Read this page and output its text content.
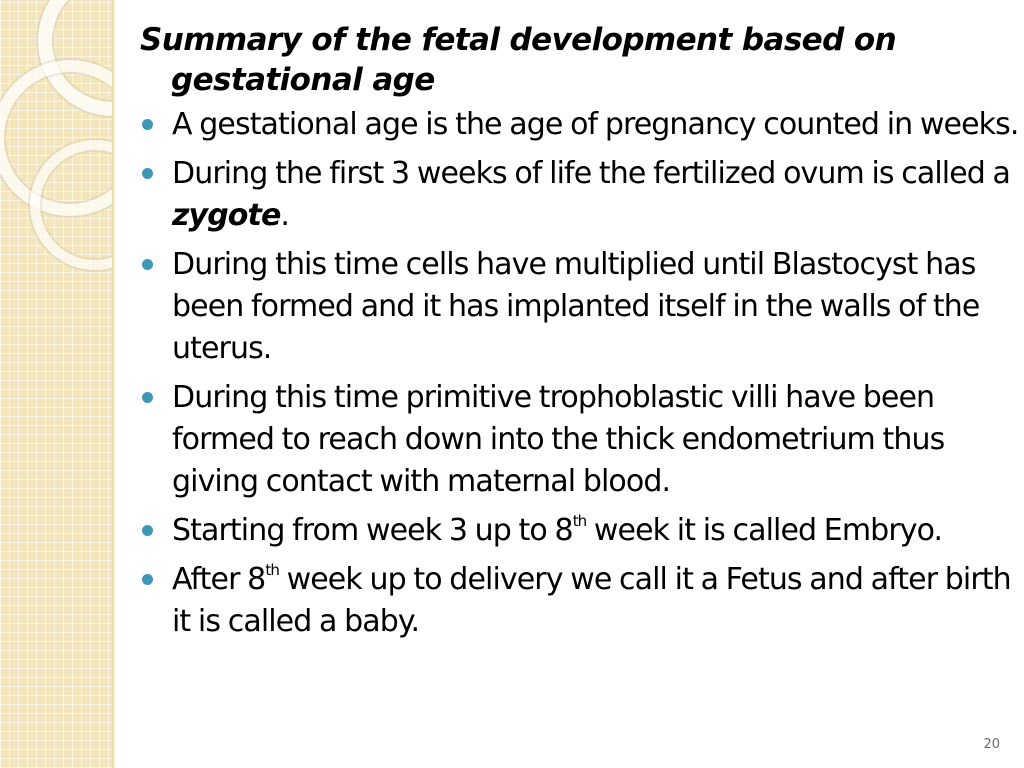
Summary of the fetal development based on gestational age

A gestational age is the age of pregnancy counted in weeks.
During the first 3 weeks of life the fertilized ovum is called a zygote.
During this time cells have multiplied until Blastocyst has been formed and it has implanted itself in the walls of the uterus.
During this time primitive trophoblastic villi have been formed to reach down into the thick endometrium thus giving contact with maternal blood.
Starting from week 3 up to 8th week it is called Embryo.
After 8th week up to delivery we call it a Fetus and after birth it is called a baby.
20
